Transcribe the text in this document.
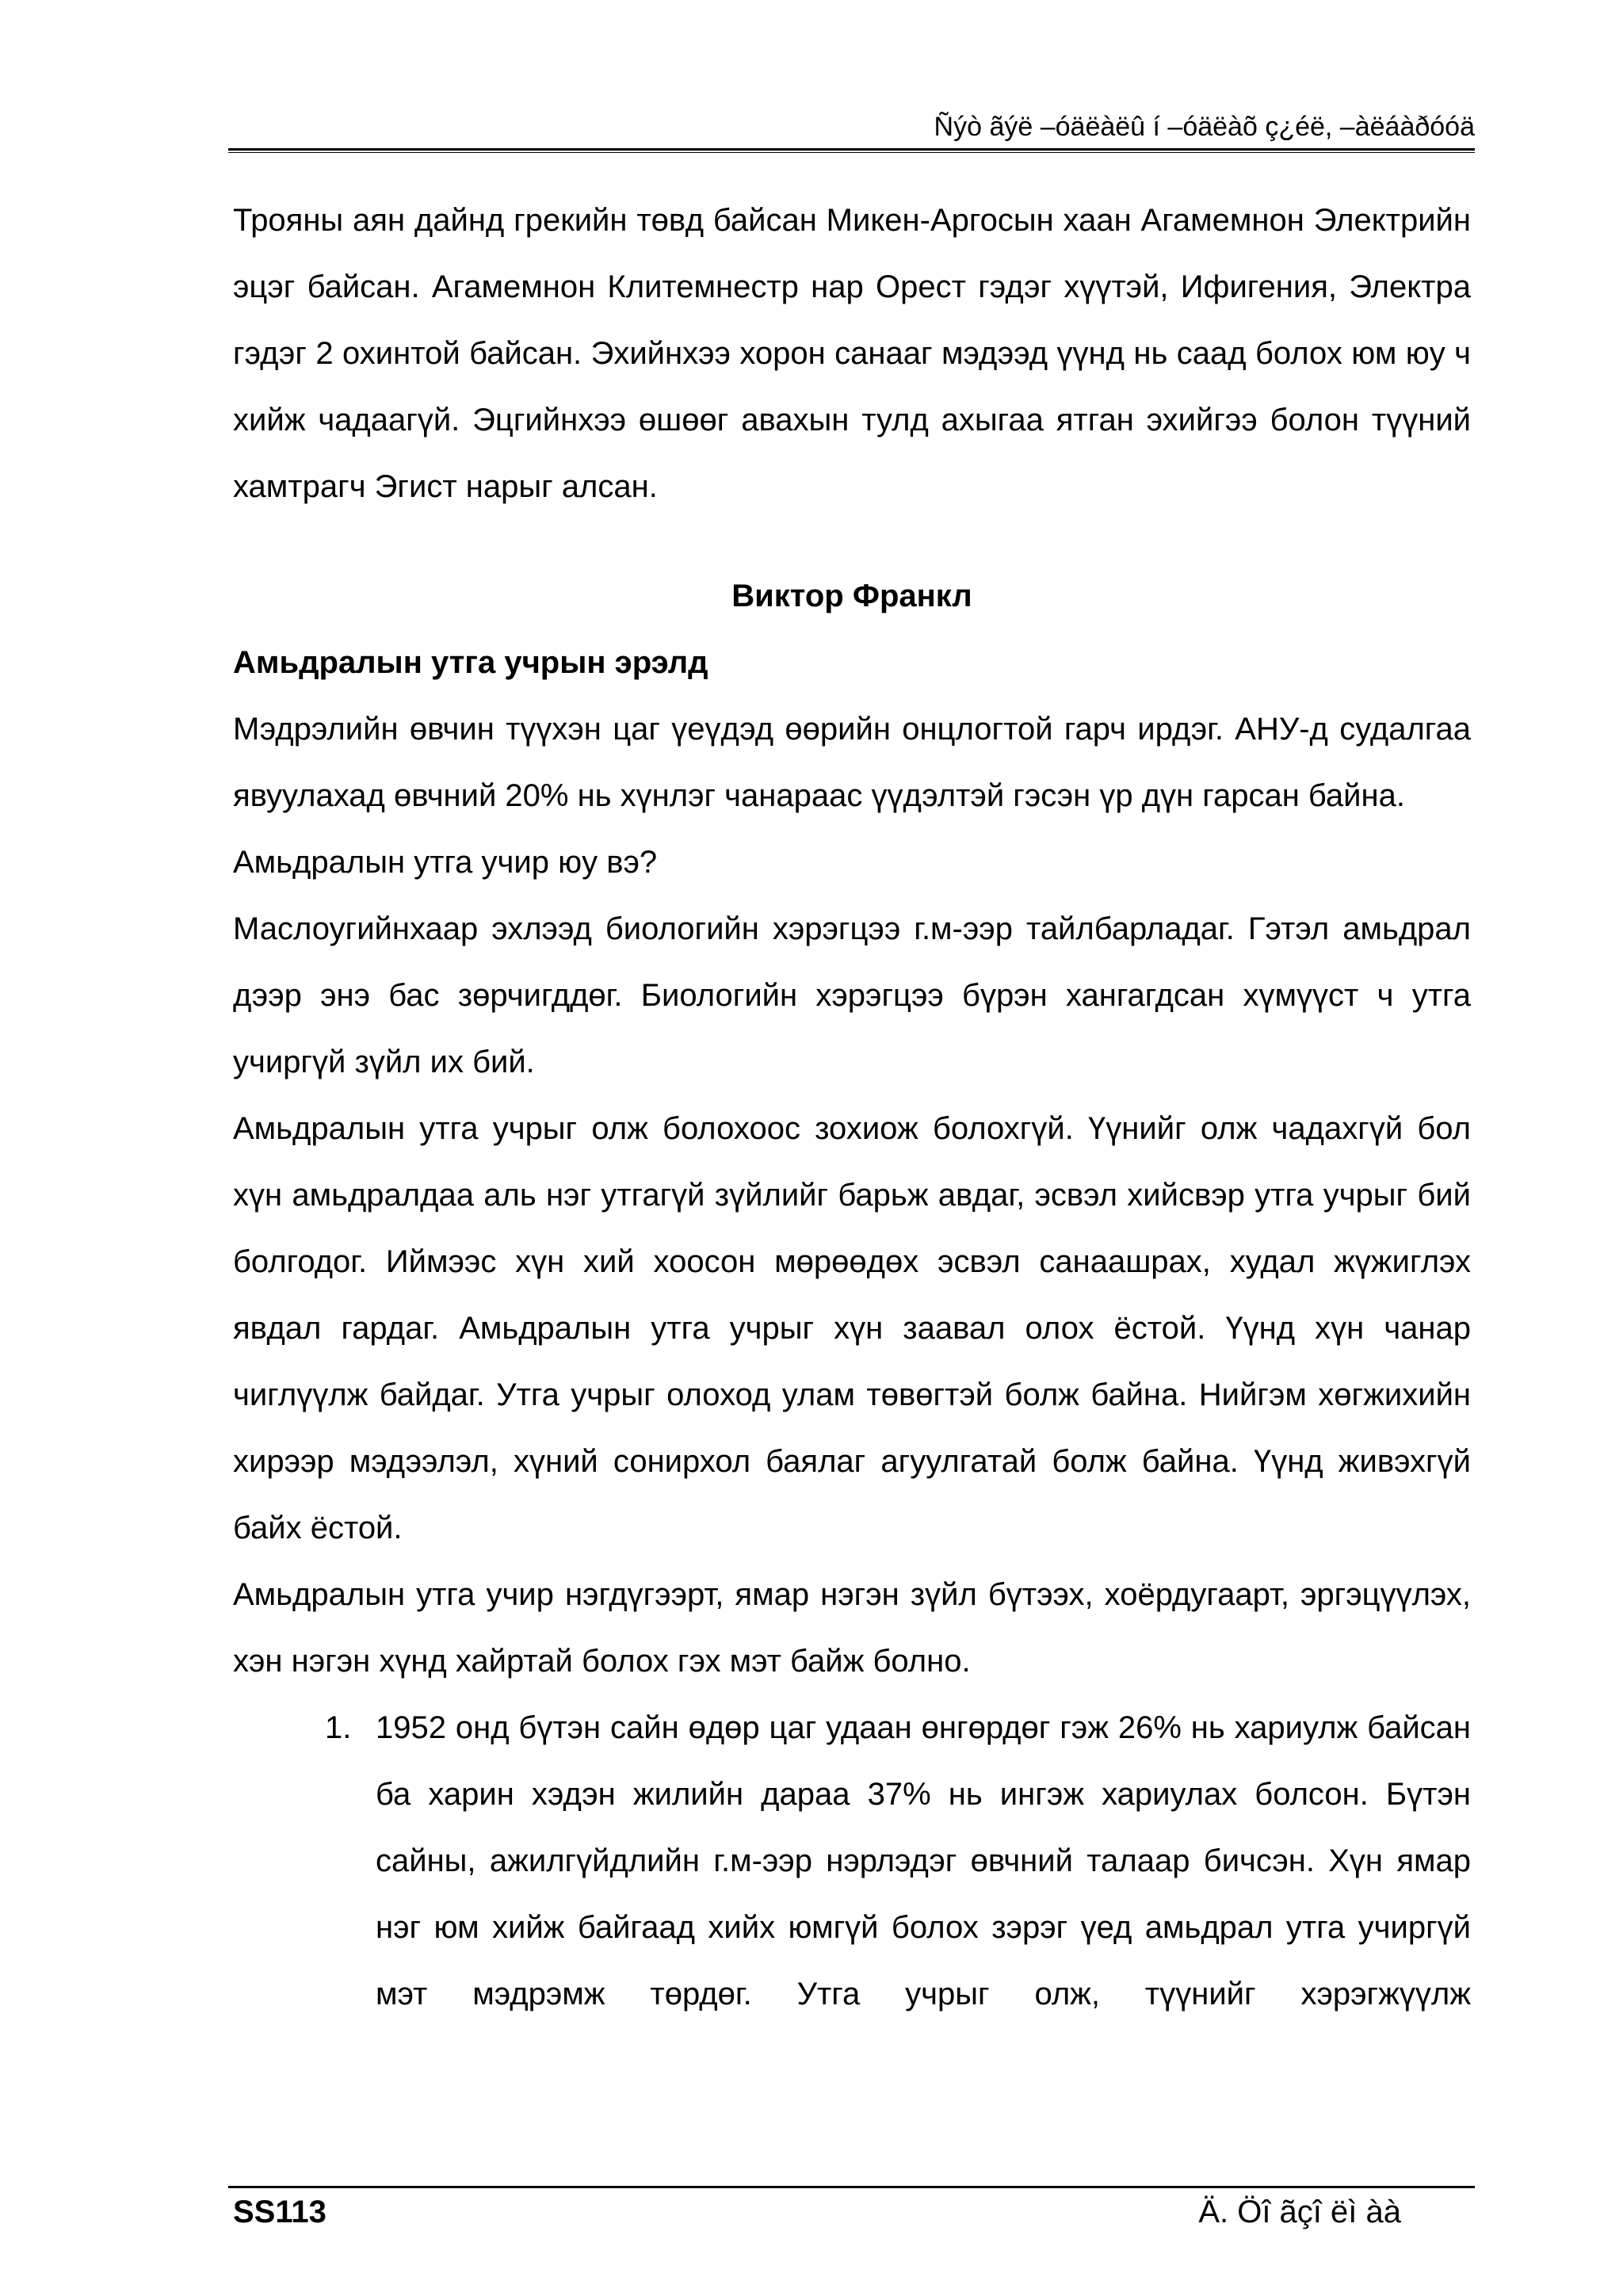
Ñýò ãýë –óäëàëû í –óäëàõ ç¿éë, –àëáàðóóä

Трояны аян дайнд грекийн төвд байсан Микен-Аргосын хаан Агамемнон Электрийн эцэг байсан. Агамемнон Клитемнестр нар Орест гэдэг хүүтэй, Ифигения, Электра гэдэг 2 охинтой байсан. Эхийнхээ хорон санааг мэдээд үүнд нь саад болох юм юу ч хийж чадаагүй. Эцгийнхээ өшөөг авахын тулд ахыгаа ятган эхийгээ болон түүний хамтрагч Эгист нарыг алсан.

Виктор Франкл

Амьдралын утга учрын эрэлд

Мэдрэлийн өвчин түүхэн цаг үеүдэд өөрийн онцлогтой гарч ирдэг. АНУ-д судалгаа явуулахад өвчний 20% нь хүнлэг чанараас үүдэлтэй гэсэн үр дүн гарсан байна.

Амьдралын утга учир юу вэ?

Маслоугийнхаар эхлээд биологийн хэрэгцээ г.м-ээр тайлбарладаг. Гэтэл амьдрал дээр энэ бас зөрчигддөг. Биологийн хэрэгцээ бүрэн хангагдсан хүмүүст ч утга учиргүй зүйл их бий.

Амьдралын утга учрыг олж болохоос зохиож болохгүй. Үүнийг олж чадахгүй бол хүн амьдралдаа аль нэг утгагүй зүйлийг барьж авдаг, эсвэл хийсвэр утга учрыг бий болгодог. Иймээс хүн хий хоосон мөрөөдөх эсвэл санаашрах, худал жүжиглэх явдал гардаг. Амьдралын утга учрыг хүн заавал олох ёстой. Үүнд хүн чанар чиглүүлж байдаг. Утга учрыг олоход улам төвөгтэй болж байна. Нийгэм хөгжихийн хирээр мэдээлэл, хүний сонирхол баялаг агуулгатай болж байна. Үүнд живэхгүй байх ёстой.

Амьдралын утга учир нэгдүгээрт, ямар нэгэн зүйл бүтээх, хоёрдугаарт, эргэцүүлэх, хэн нэгэн хүнд хайртай болох гэх мэт байж болно.

1. 1952 онд бүтэн сайн өдөр цаг удаан өнгөрдөг гэж 26% нь хариулж байсан ба харин хэдэн жилийн дараа 37% нь ингэж хариулах болсон. Бүтэн сайны, ажилгүйдлийн г.м-ээр нэрлэдэг өвчний талаар бичсэн. Хүн ямар нэг юм хийж байгаад хийх юмгүй болох зэрэг үед амьдрал утга учиргүй мэт мэдрэмж төрдөг. Утга учрыг олж, түүнийг хэрэгжүүлж

SS113	Ä. Öî ãçî ëì àà
